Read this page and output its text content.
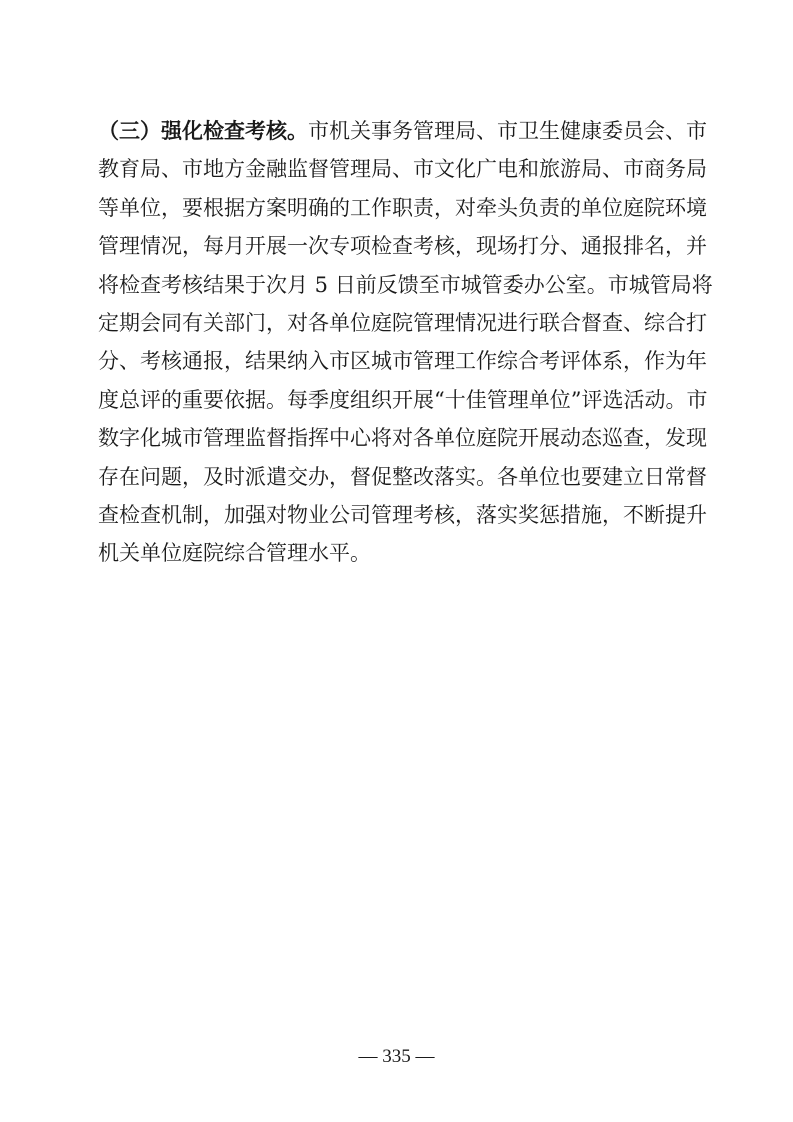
（三）强化检查考核。市机关事务管理局、市卫生健康委员会、市
教育局、市地方金融监督管理局、市文化广电和旅游局、市商务局
等单位，要根据方案明确的工作职责，对牵头负责的单位庭院环境
管理情况，每月开展一次专项检查考核，现场打分、通报排名，并
将检查考核结果于次月 5 日前反馈至市城管委办公室。市城管局将
定期会同有关部门，对各单位庭院管理情况进行联合督查、综合打
分、考核通报，结果纳入市区城市管理工作综合考评体系，作为年
度总评的重要依据。每季度组织开展“十佳管理单位”评选活动。市
数字化城市管理监督指挥中心将对各单位庭院开展动态巡查，发现
存在问题，及时派遣交办，督促整改落实。各单位也要建立日常督
查检查机制，加强对物业公司管理考核，落实奖惩措施，不断提升
机关单位庭院综合管理水平。
— 335 —
